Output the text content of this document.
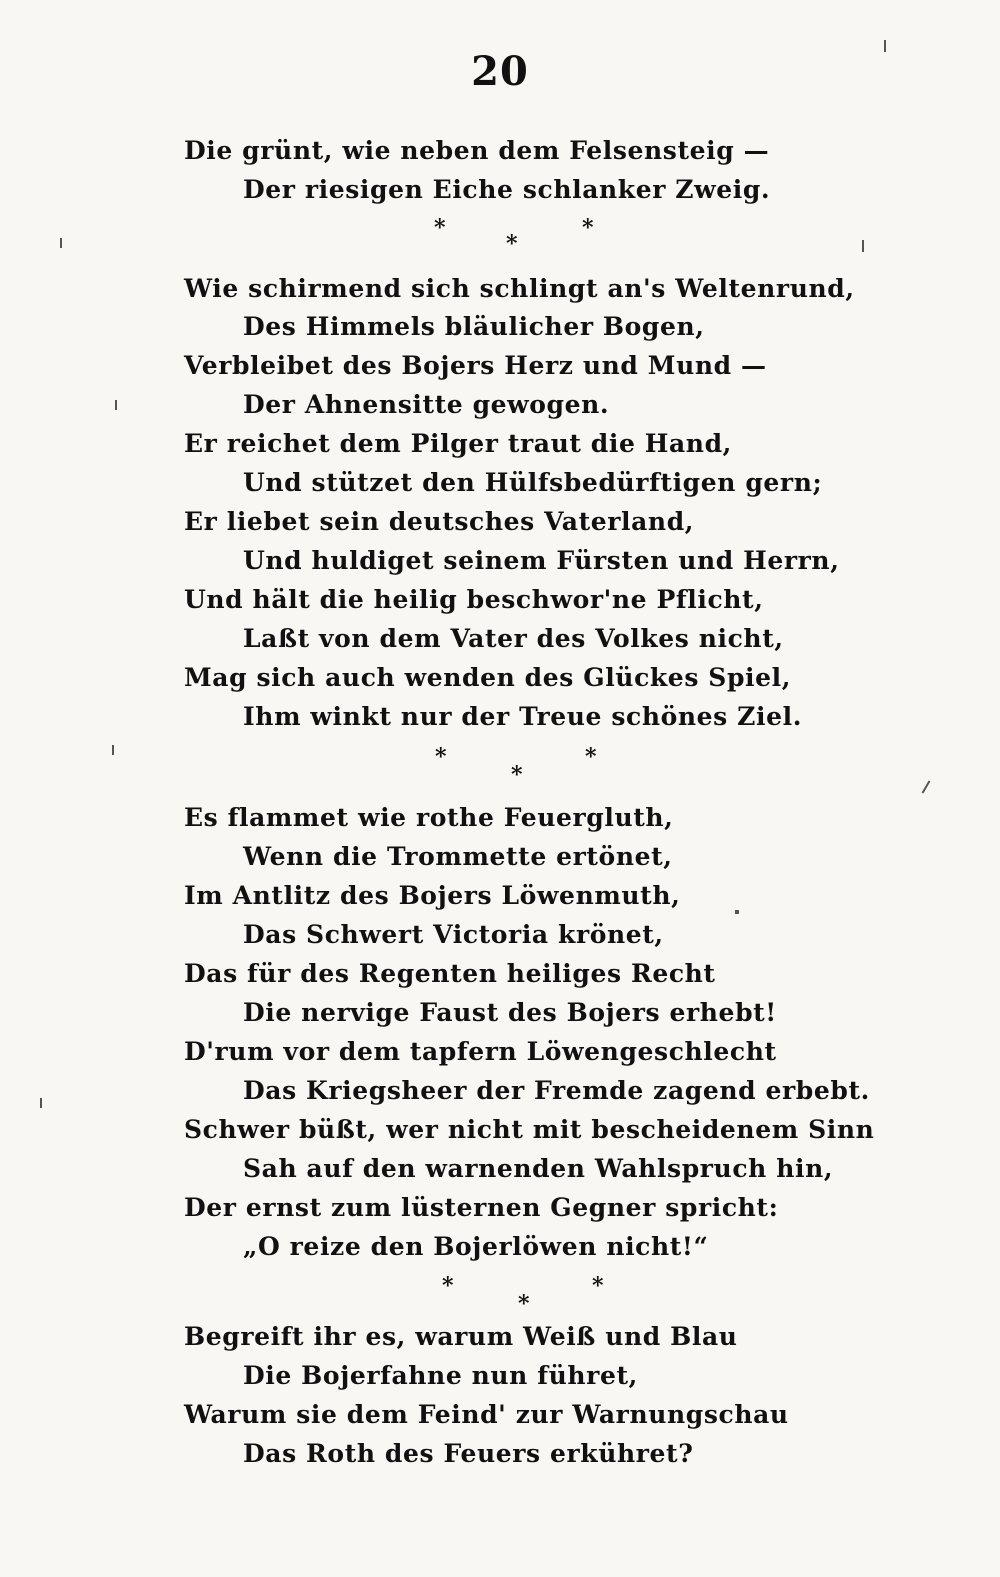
20
Die grünt, wie neben dem Felsensteig —
Der riesigen Eiche schlanker Zweig.
*
*
*
Wie schirmend sich schlingt an's Weltenrund,
Des Himmels bläulicher Bogen,
Verbleibet des Bojers Herz und Mund —
Der Ahnensitte gewogen.
Er reichet dem Pilger traut die Hand,
Und stützet den Hülfsbedürftigen gern;
Er liebet sein deutsches Vaterland,
Und huldiget seinem Fürsten und Herrn,
Und hält die heilig beschwor'ne Pflicht,
Laßt von dem Vater des Volkes nicht,
Mag sich auch wenden des Glückes Spiel,
Ihm winkt nur der Treue schönes Ziel.
*
*
*
Es flammet wie rothe Feuergluth,
Wenn die Trommette ertönet,
Im Antlitz des Bojers Löwenmuth,
Das Schwert Victoria krönet,
Das für des Regenten heiliges Recht
Die nervige Faust des Bojers erhebt!
D'rum vor dem tapfern Löwengeschlecht
Das Kriegsheer der Fremde zagend erbebt.
Schwer büßt, wer nicht mit bescheidenem Sinn
Sah auf den warnenden Wahlspruch hin,
Der ernst zum lüsternen Gegner spricht:
„O reize den Bojerlöwen nicht!“
*
*
*
Begreift ihr es, warum Weiß und Blau
Die Bojerfahne nun führet,
Warum sie dem Feind' zur Warnungschau
Das Roth des Feuers erkühret?
